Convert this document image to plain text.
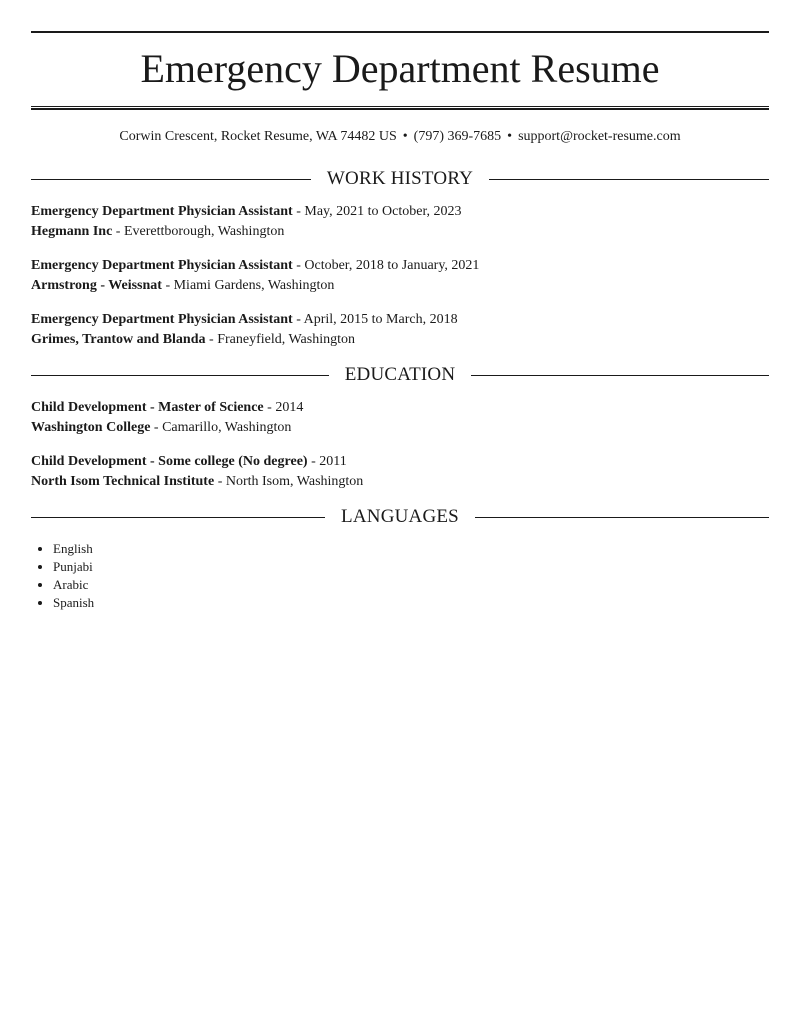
Emergency Department Resume
Corwin Crescent, Rocket Resume, WA 74482 US • (797) 369-7685 • support@rocket-resume.com
WORK HISTORY
Emergency Department Physician Assistant - May, 2021 to October, 2023
Hegmann Inc - Everettborough, Washington
Emergency Department Physician Assistant - October, 2018 to January, 2021
Armstrong - Weissnat - Miami Gardens, Washington
Emergency Department Physician Assistant - April, 2015 to March, 2018
Grimes, Trantow and Blanda - Franeyfield, Washington
EDUCATION
Child Development - Master of Science - 2014
Washington College - Camarillo, Washington
Child Development - Some college (No degree) - 2011
North Isom Technical Institute - North Isom, Washington
LANGUAGES
• English
• Punjabi
• Arabic
• Spanish
